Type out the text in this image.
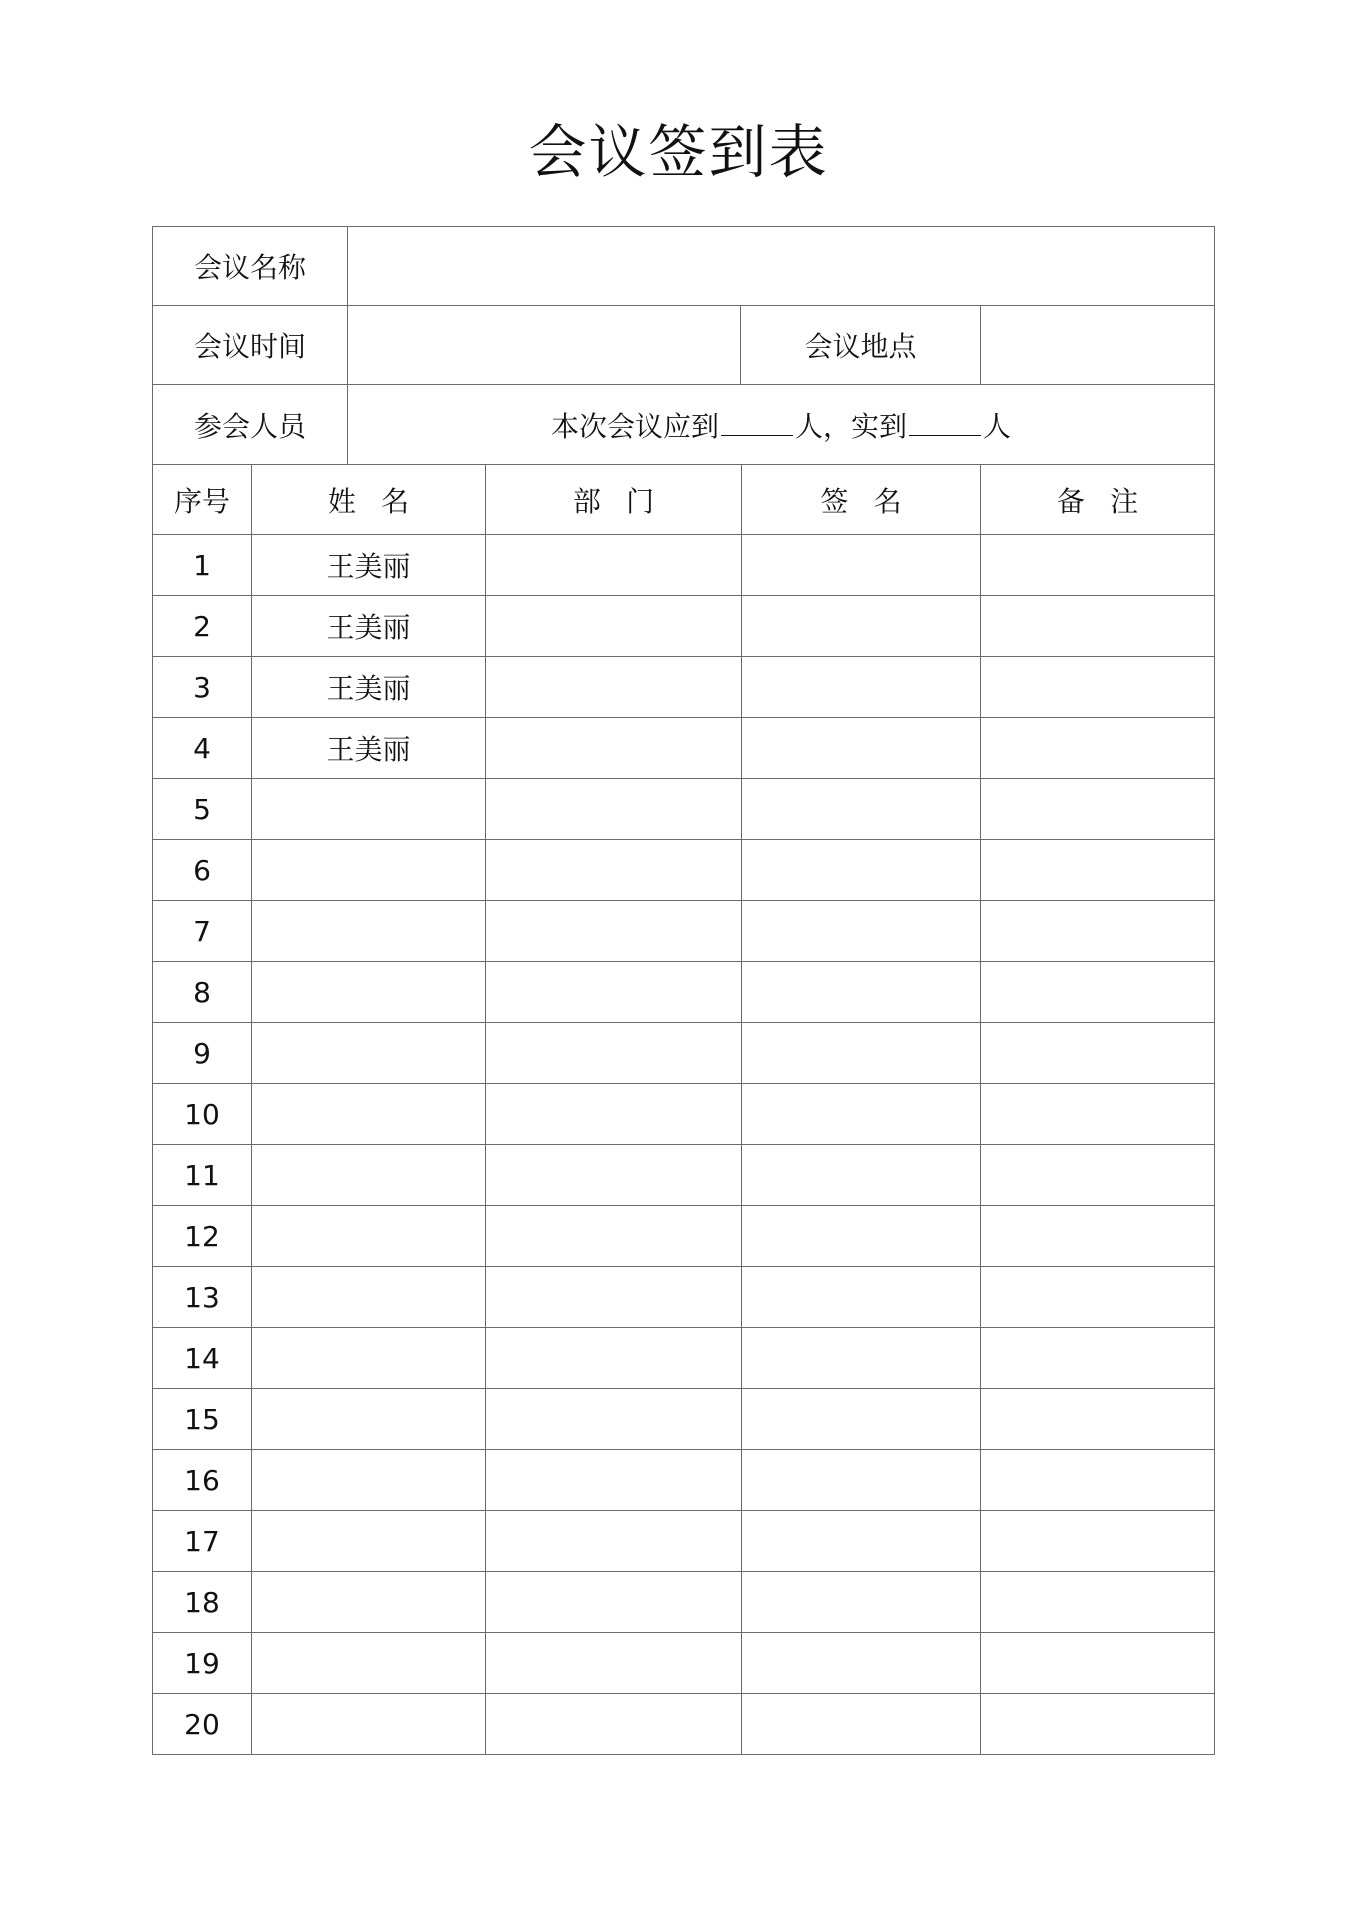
会议签到表
会议名称			
会议时间		会议地点	
参会人员	本次会议应到 人，实到 人		
序号	姓名	部门	签名	备注
1	王美丽			
2	王美丽			
3	王美丽			
4	王美丽			
5				
6				
7				
8				
9				
10				
11				
12				
13				
14				
15				
16				
17				
18				
19				
20				
